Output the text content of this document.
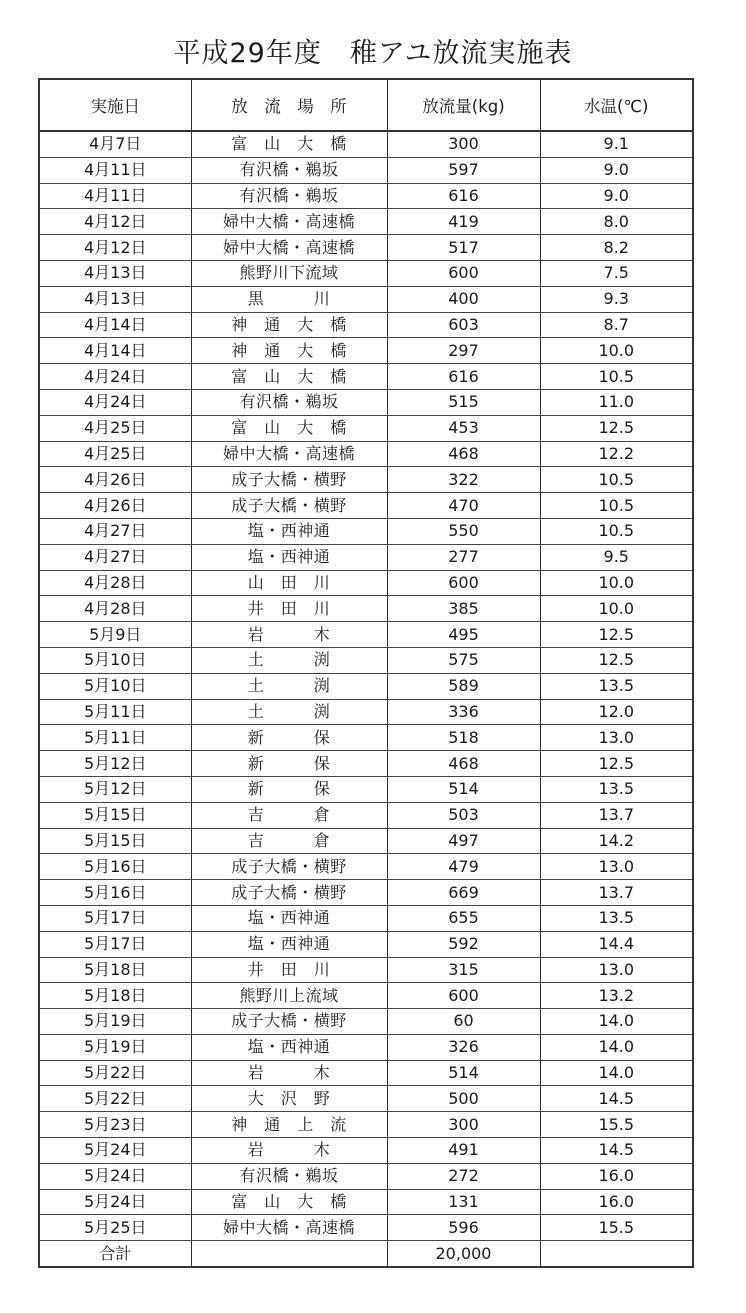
平成29年度　稚アユ放流実施表
実施日	放　流　場　所	放流量(kg)	水温(℃)
4月7日	富　山　大　橋	300	9.1
4月11日	有沢橋・鵜坂	597	9.0
4月11日	有沢橋・鵜坂	616	9.0
4月12日	婦中大橋・高速橋	419	8.0
4月12日	婦中大橋・高速橋	517	8.2
4月13日	熊野川下流域	600	7.5
4月13日	黒　　　川	400	9.3
4月14日	神　通　大　橋	603	8.7
4月14日	神　通　大　橋	297	10.0
4月24日	富　山　大　橋	616	10.5
4月24日	有沢橋・鵜坂	515	11.0
4月25日	富　山　大　橋	453	12.5
4月25日	婦中大橋・高速橋	468	12.2
4月26日	成子大橋・横野	322	10.5
4月26日	成子大橋・横野	470	10.5
4月27日	塩・西神通	550	10.5
4月27日	塩・西神通	277	9.5
4月28日	山　田　川	600	10.0
4月28日	井　田　川	385	10.0
5月9日	岩　　　木	495	12.5
5月10日	土　　　渕	575	12.5
5月10日	土　　　渕	589	13.5
5月11日	土　　　渕	336	12.0
5月11日	新　　　保	518	13.0
5月12日	新　　　保	468	12.5
5月12日	新　　　保	514	13.5
5月15日	吉　　　倉	503	13.7
5月15日	吉　　　倉	497	14.2
5月16日	成子大橋・横野	479	13.0
5月16日	成子大橋・横野	669	13.7
5月17日	塩・西神通	655	13.5
5月17日	塩・西神通	592	14.4
5月18日	井　田　川	315	13.0
5月18日	熊野川上流域	600	13.2
5月19日	成子大橋・横野	60	14.0
5月19日	塩・西神通	326	14.0
5月22日	岩　　　木	514	14.0
5月22日	大　沢　野	500	14.5
5月23日	神　通　上　流	300	15.5
5月24日	岩　　　木	491	14.5
5月24日	有沢橋・鵜坂	272	16.0
5月24日	富　山　大　橋	131	16.0
5月25日	婦中大橋・高速橋	596	15.5
合計		20,000	
